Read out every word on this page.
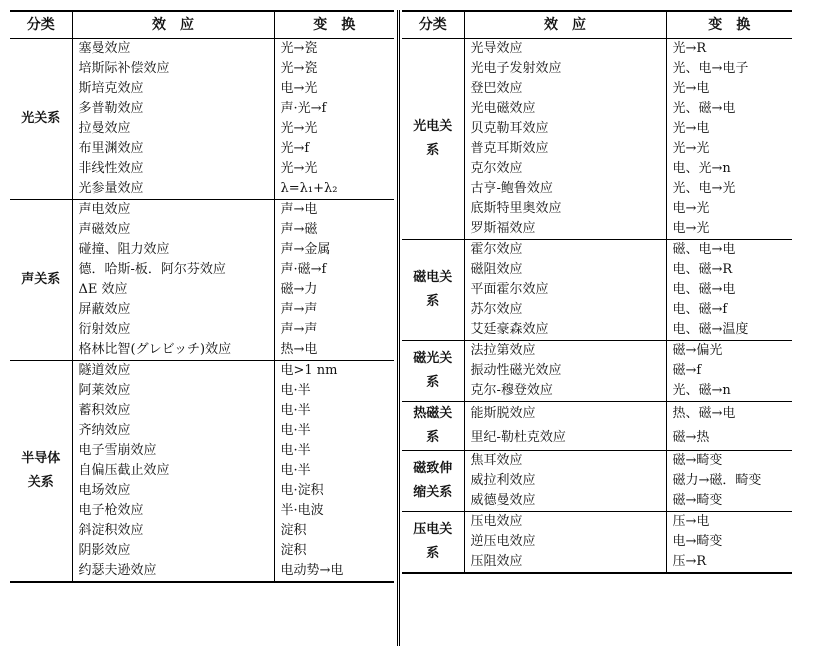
分类	效　应	变　换
光关系	塞曼效应	光→瓷
	培斯际补偿效应	光→瓷
	斯培克效应	电→光
	多普勒效应	声·光→f
	拉曼效应	光→光
	布里渊效应	光→f
	非线性效应	光→光
	光参量效应	λ=λ₁+λ₂
声关系	声电效应	声→电
	声磁效应	声→磁
	碰撞、阻力效应	声→金属
	德．哈斯-板．阿尔芬效应	声·磁→f
	ΔE 效应	磁→力
	屏蔽效应	声→声
	衍射效应	声→声
	格林比智(グレビッチ)效应	热→电
半导体关系	隧道效应	电>1 nm
	阿莱效应	电·半
	蓄积效应	电·半
	齐纳效应	电·半
	电子雪崩效应	电·半
	自偏压截止效应	电·半
	电场效应	电·淀积
	电子枪效应	半·电波
	斜淀积效应	淀积
	阴影效应	淀积
	约瑟夫逊效应	电动势→电
分类	效　应	变　换
光电关系	光导效应	光→R
	光电子发射效应	光、电→电子
	登巴效应	光→电
	光电磁效应	光、磁→电
	贝克勒耳效应	光→电
	普克耳斯效应	光→光
	克尔效应	电、光→n
	古亨-鲍鲁效应	光、电→光
	底斯特里奥效应	电→光
	罗斯福效应	电→光
磁电关系	霍尔效应	磁、电→电
	磁阻效应	电、磁→R
	平面霍尔效应	电、磁→电
	苏尔效应	电、磁→f
	艾廷豪森效应	电、磁→温度
磁光关系	法拉第效应	磁→偏光
	振动性磁光效应	磁→f
	克尔-穆登效应	光、磁→n
热磁关系	能斯脱效应	热、磁→电
	里纪-勒杜克效应	磁→热
磁致伸缩关系	焦耳效应	磁→畸变
	威拉利效应	磁力→磁．畸变
	威德曼效应	磁→畸变
压电关系	压电效应	压→电
	逆压电效应	电→畸变
	压阻效应	压→R
